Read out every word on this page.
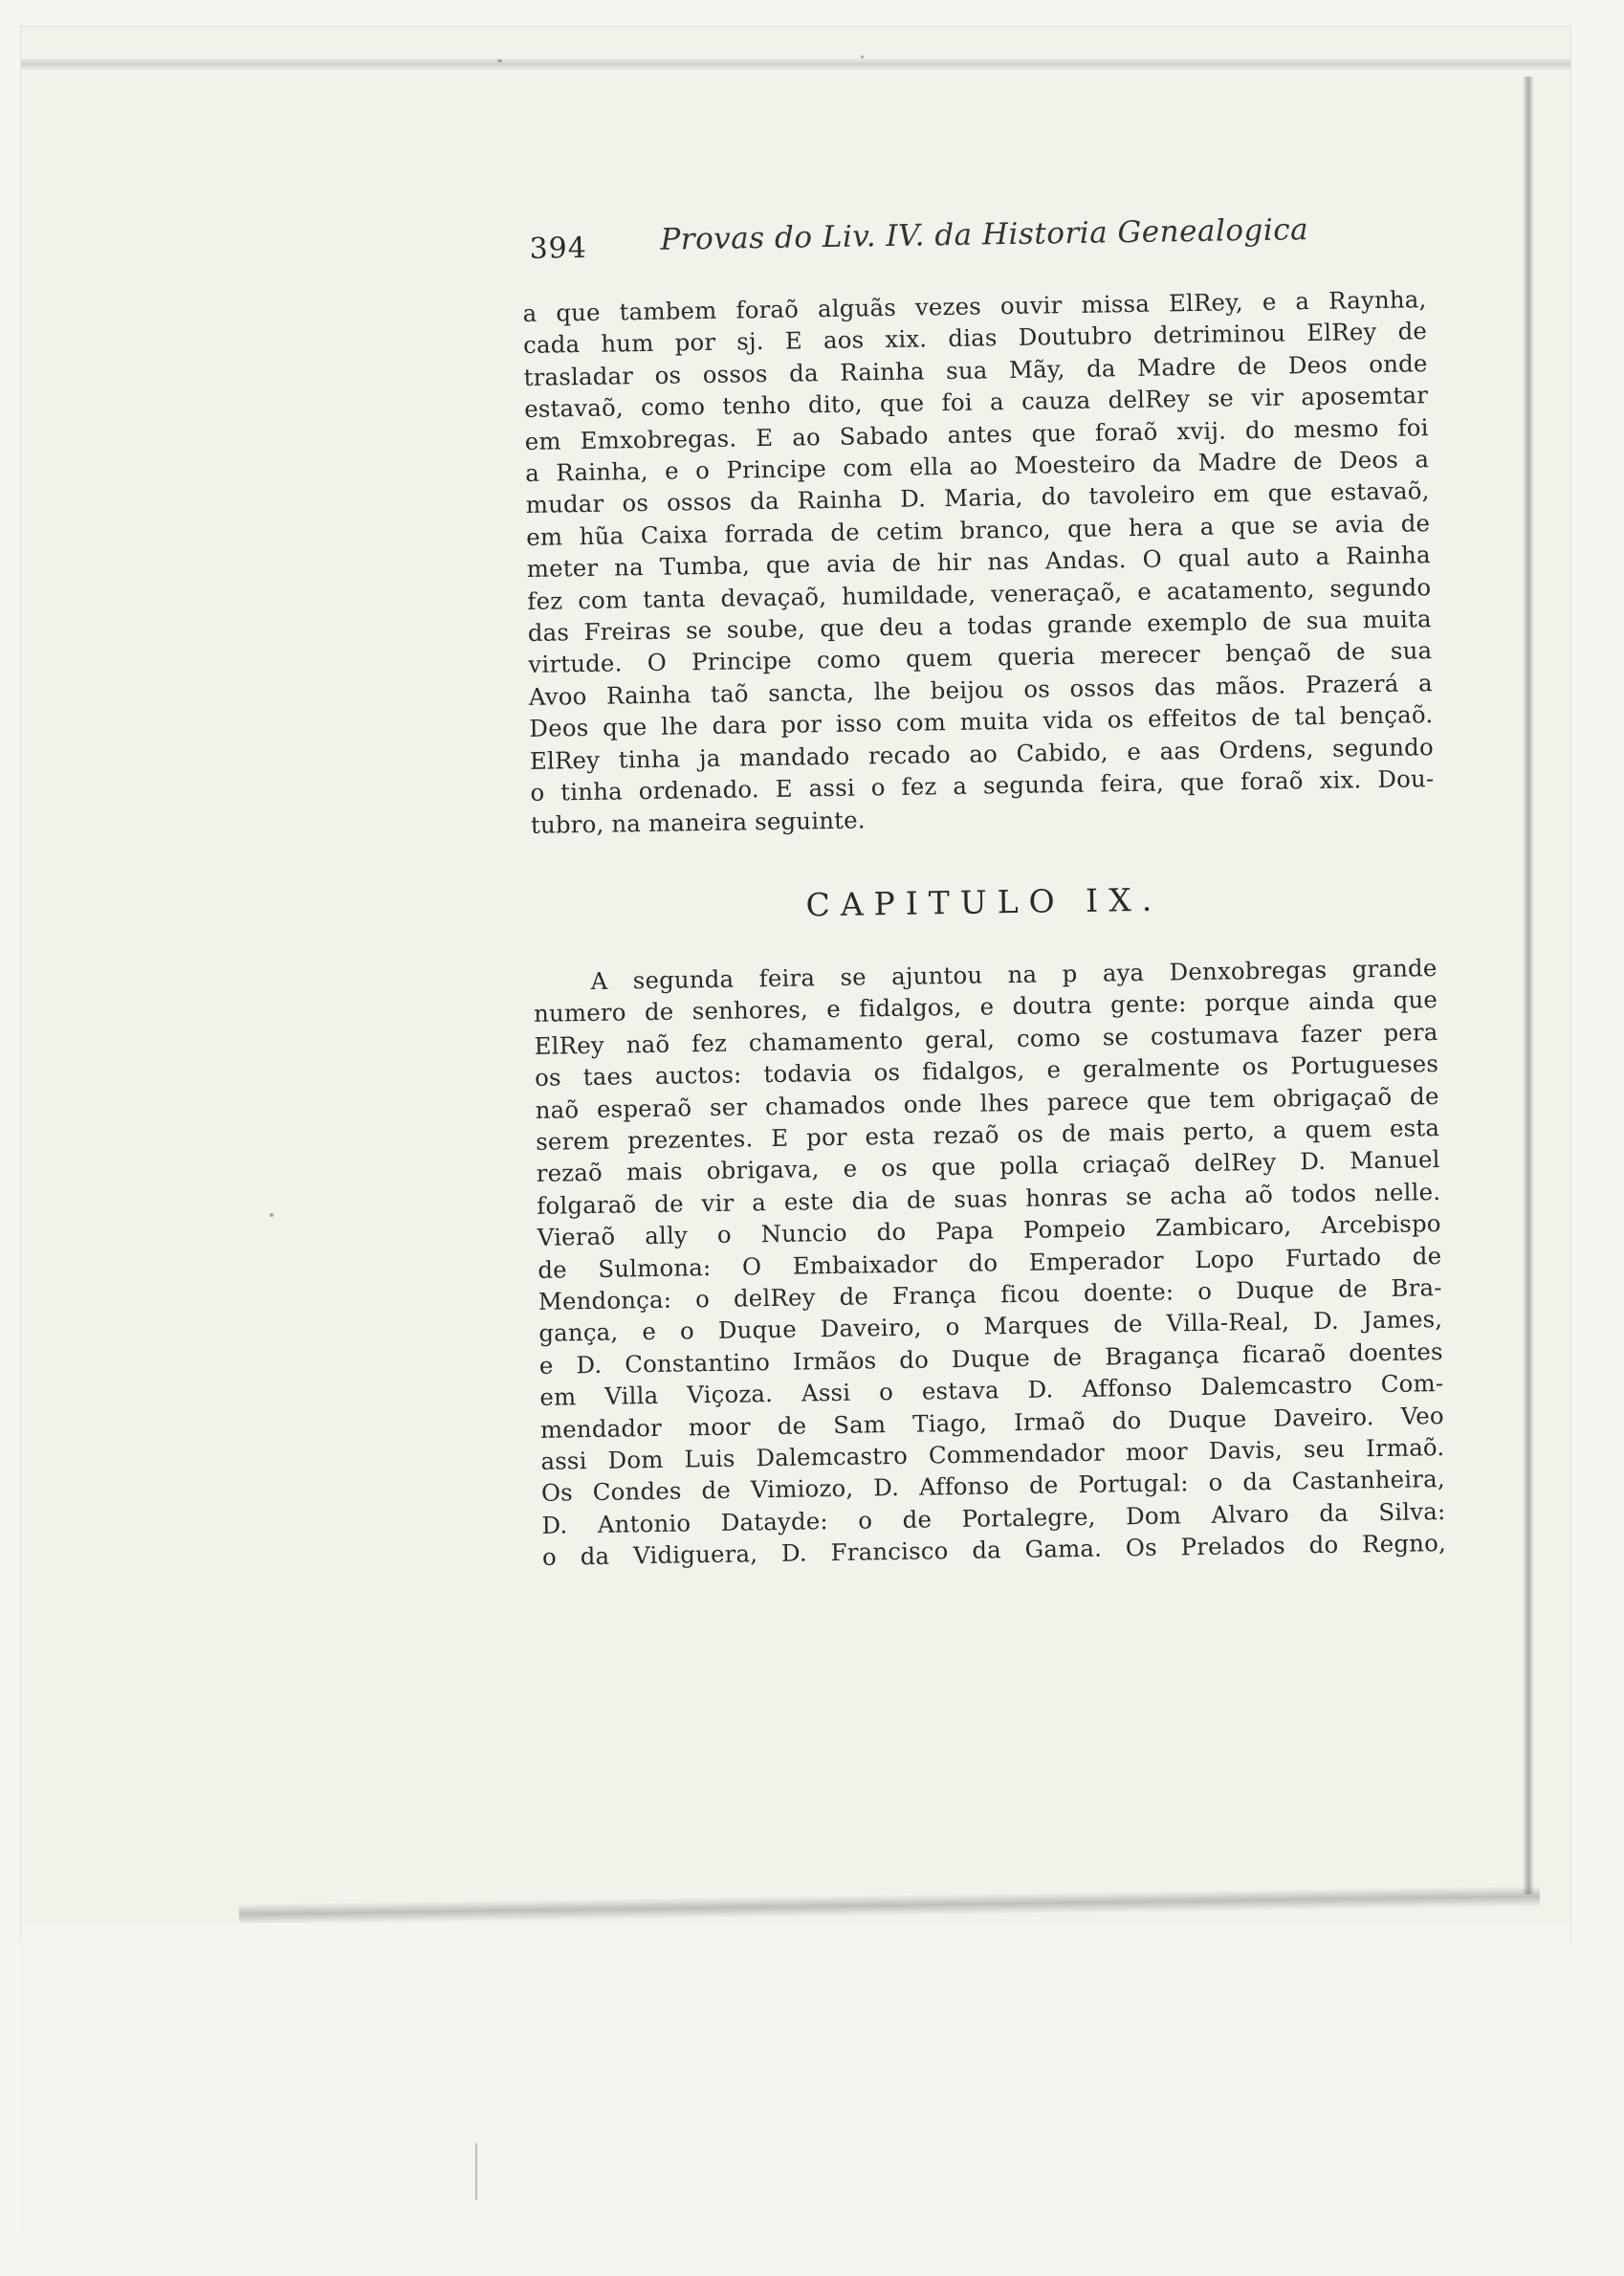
394 Provas do Liv. IV. da Historia Genealogica

a que tambem foraõ alguãs vezes ouvir missa ElRey, e a Raynha,
cada hum por sj. E aos xix. dias Doutubro detriminou ElRey de
trasladar os ossos da Rainha sua Mãy, da Madre de Deos onde
estavaõ, como tenho dito, que foi a cauza delRey se vir aposemtar
em Emxobregas. E ao Sabado antes que foraõ xvij. do mesmo foi
a Rainha, e o Principe com ella ao Moesteiro da Madre de Deos a
mudar os ossos da Rainha D. Maria, do tavoleiro em que estavaõ,
em hũa Caixa forrada de cetim branco, que hera a que se avia de
meter na Tumba, que avia de hir nas Andas. O qual auto a Rainha
fez com tanta devaçaõ, humildade, veneraçaõ, e acatamento, segundo
das Freiras se soube, que deu a todas grande exemplo de sua muita
virtude. O Principe como quem queria merecer bençaõ de sua
Avoo Rainha taõ sancta, lhe beijou os ossos das mãos. Prazerá a
Deos que lhe dara por isso com muita vida os effeitos de tal bençaõ.
ElRey tinha ja mandado recado ao Cabido, e aas Ordens, segundo
o tinha ordenado. E assi o fez a segunda feira, que foraõ xix. Dou-
tubro, na maneira seguinte.

CAPITULO IX.

A segunda feira se ajuntou na p aya Denxobregas grande
numero de senhores, e fidalgos, e doutra gente: porque ainda que
ElRey naõ fez chamamento geral, como se costumava fazer pera
os taes auctos: todavia os fidalgos, e geralmente os Portugueses
naõ esperaõ ser chamados onde lhes parece que tem obrigaçaõ de
serem prezentes. E por esta rezaõ os de mais perto, a quem esta
rezaõ mais obrigava, e os que polla criaçaõ delRey D. Manuel
folgaraõ de vir a este dia de suas honras se acha aõ todos nelle.
Vieraõ ally o Nuncio do Papa Pompeio Zambicaro, Arcebispo
de Sulmona: O Embaixador do Emperador Lopo Furtado de
Mendonça: o delRey de França ficou doente: o Duque de Bra-
gança, e o Duque Daveiro, o Marques de Villa-Real, D. James,
e D. Constantino Irmãos do Duque de Bragança ficaraõ doentes
em Villa Viçoza. Assi o estava D. Affonso Dalemcastro Com-
mendador moor de Sam Tiago, Irmaõ do Duque Daveiro. Veo
assi Dom Luis Dalemcastro Commendador moor Davis, seu Irmaõ.
Os Condes de Vimiozo, D. Affonso de Portugal: o da Castanheira,
D. Antonio Datayde: o de Portalegre, Dom Alvaro da Silva:
o da Vidiguera, D. Francisco da Gama. Os Prelados do Regno,
